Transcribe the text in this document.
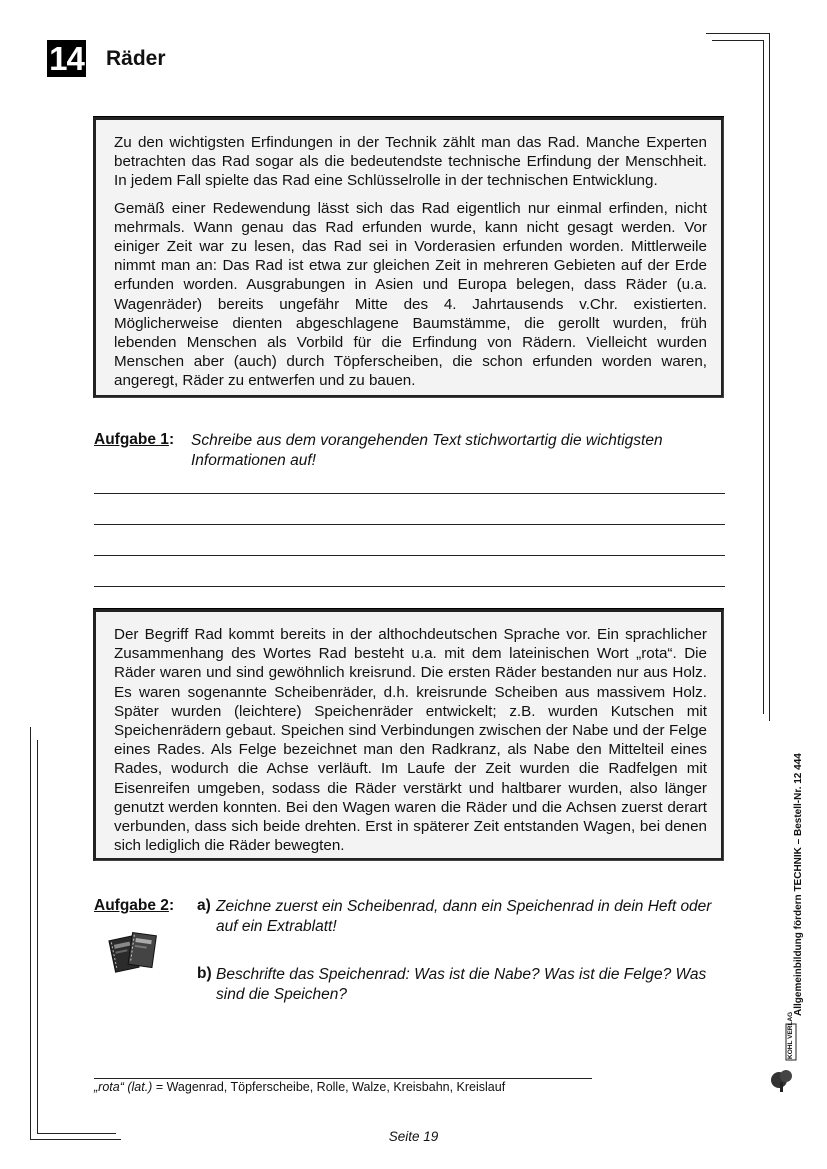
14 Räder

Zu den wichtigsten Erfindungen in der Technik zählt man das Rad. Manche Experten betrachten das Rad sogar als die bedeutendste technische Erfindung der Menschheit. In jedem Fall spielte das Rad eine Schlüsselrolle in der technischen Entwicklung.

Gemäß einer Redewendung lässt sich das Rad eigentlich nur einmal erfinden, nicht mehrmals. Wann genau das Rad erfunden wurde, kann nicht gesagt werden. Vor einiger Zeit war zu lesen, das Rad sei in Vorderasien erfunden worden. Mittlerweile nimmt man an: Das Rad ist etwa zur gleichen Zeit in mehreren Gebieten auf der Erde erfunden worden. Ausgrabungen in Asien und Europa belegen, dass Räder (u.a. Wagenräder) bereits ungefähr Mitte des 4. Jahrtausends v.Chr. existierten. Möglicherweise dienten abgeschlagene Baumstämme, die gerollt wurden, früh lebenden Menschen als Vorbild für die Erfindung von Rädern. Vielleicht wurden Menschen aber (auch) durch Töpferscheiben, die schon erfunden worden waren, angeregt, Räder zu entwerfen und zu bauen.

Aufgabe 1: Schreibe aus dem vorangehenden Text stichwortartig die wichtigsten Informationen auf!

Der Begriff Rad kommt bereits in der althochdeutschen Sprache vor. Ein sprachlicher Zusammenhang des Wortes Rad besteht u.a. mit dem lateinischen Wort „rota“. Die Räder waren und sind gewöhnlich kreisrund. Die ersten Räder bestanden nur aus Holz. Es waren sogenannte Scheibenräder, d.h. kreisrunde Scheiben aus massivem Holz. Später wurden (leichtere) Speichenräder entwickelt; z.B. wurden Kutschen mit Speichenrädern gebaut. Speichen sind Verbindungen zwischen der Nabe und der Felge eines Rades. Als Felge bezeichnet man den Radkranz, als Nabe den Mittelteil eines Rades, wodurch die Achse verläuft. Im Laufe der Zeit wurden die Radfelgen mit Eisenreifen umgeben, sodass die Räder verstärkt und haltbarer wurden, also länger genutzt werden konnten. Bei den Wagen waren die Räder und die Achsen zuerst derart verbunden, dass sich beide drehten. Erst in späterer Zeit entstanden Wagen, bei denen sich lediglich die Räder bewegten.

Aufgabe 2:	a) Zeichne zuerst ein Scheibenrad, dann ein Speichenrad in dein Heft oder auf ein Extrablatt!
b) Beschrifte das Speichenrad: Was ist die Nabe? Was ist die Felge? Was sind die Speichen?
„rota“ (lat.) = Wagenrad, Töpferscheibe, Rolle, Walze, Kreisbahn, Kreislauf
Seite 19
Allgemeinbildung fördern TECHNIK – Bestell-Nr. 12 444
KOHL VERLAG
